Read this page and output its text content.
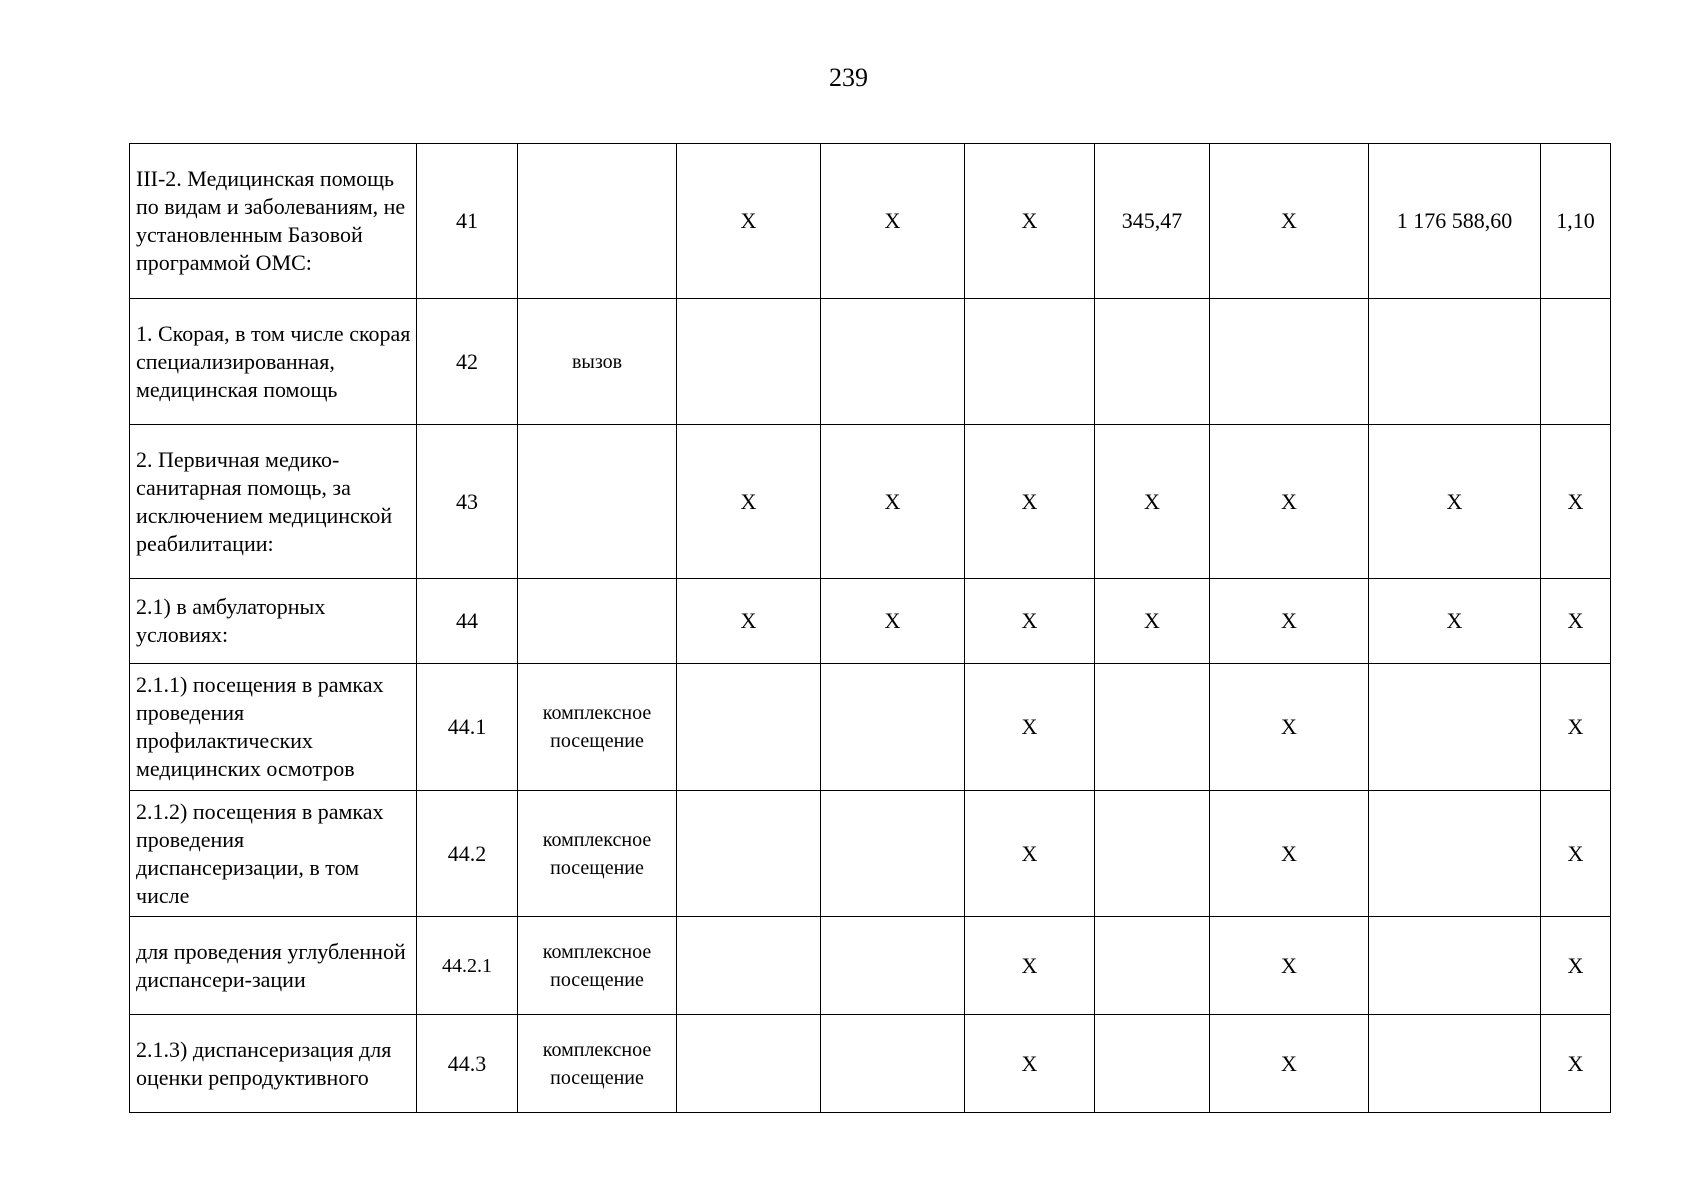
239
III-2. Медицинская помощь по видам и заболеваниям, не установленным Базовой программой ОМС:	41		Х	Х	Х	345,47	Х	1 176 588,60	1,10
1. Скорая, в том числе скорая специализированная, медицинская помощь	42	вызов							
2. Первичная медико-санитарная помощь, за исключением медицинской реабилитации:	43		Х	Х	Х	Х	Х	Х	Х
2.1) в амбулаторных условиях:	44		Х	Х	Х	Х	Х	Х	Х
2.1.1) посещения в рамках проведения профилактических медицинских осмотров	44.1	комплексное посещение			Х		Х		Х
2.1.2) посещения в рамках проведения диспансеризации, в том числе	44.2	комплексное посещение			Х		Х		Х
для проведения углубленной диспансери-зации	44.2.1	комплексное посещение			Х		Х		Х
2.1.3) диспансеризация для оценки репродуктивного	44.3	комплексное посещение			Х		Х		Х
